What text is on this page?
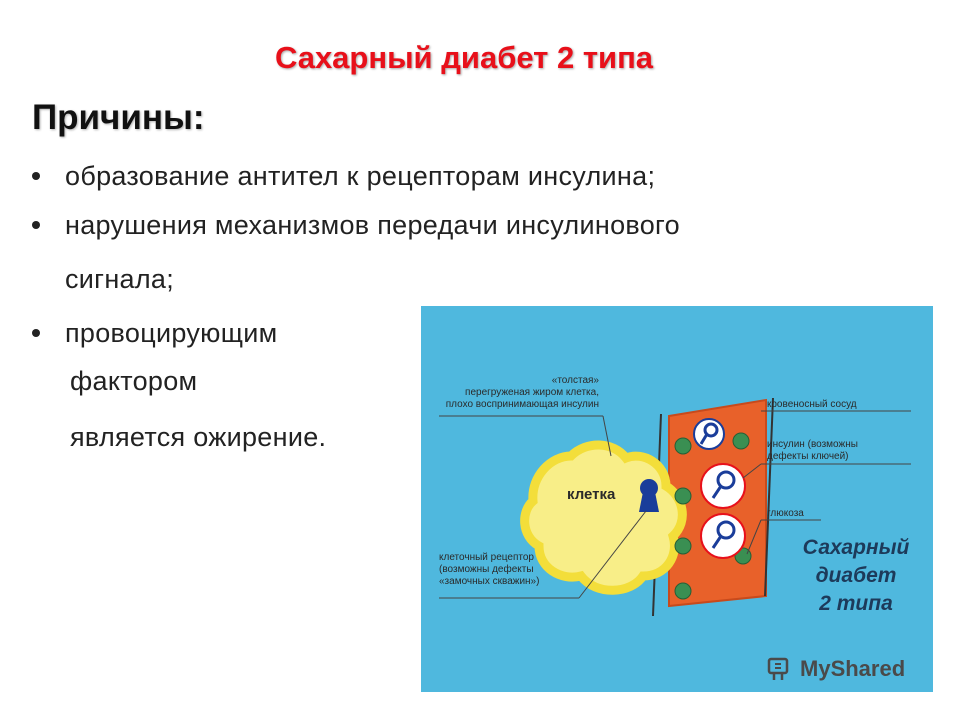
Сахарный диабет 2 типа
Причины:
образование антител к рецепторам инсулина;
нарушения механизмов передачи инсулинового
сигнала;
провоцирующим
фактором
является ожирение.
«толстая»
перегруженая жиром клетка,
плохо воспринимающая инсулин	кровеносный сосуд
инсулин (возможны
дефекты ключей)
глюкоза
клетка
клеточный рецептор
(возможны дефекты
«замочных скважин»)
Сахарный
диабет
2 типа
MyShared
